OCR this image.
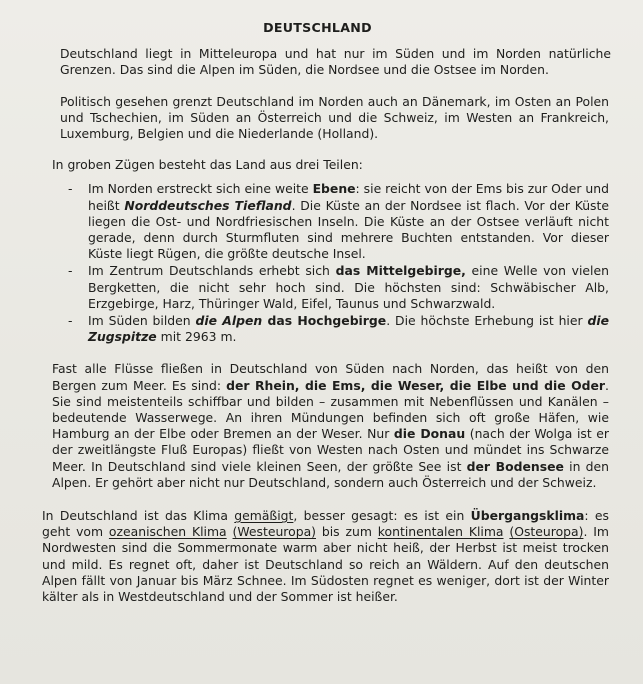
DEUTSCHLAND

Deutschland liegt in Mitteleuropa und hat nur im Süden und im Norden natürliche Grenzen. Das sind die Alpen im Süden, die Nordsee und die Ostsee im Norden.

Politisch gesehen grenzt Deutschland im Norden auch an Dänemark, im Osten an Polen und Tschechien, im Süden an Österreich und die Schweiz, im Westen an Frankreich, Luxemburg, Belgien und die Niederlande (Holland).

In groben Zügen besteht das Land aus drei Teilen:

- Im Norden erstreckt sich eine weite Ebene: sie reicht von der Ems bis zur Oder und heißt Norddeutsches Tiefland. Die Küste an der Nordsee ist flach. Vor der Küste liegen die Ost- und Nordfriesischen Inseln. Die Küste an der Ostsee verläuft nicht gerade, denn durch Sturmfluten sind mehrere Buchten entstanden. Vor dieser Küste liegt Rügen, die größte deutsche Insel.
- Im Zentrum Deutschlands erhebt sich das Mittelgebirge, eine Welle von vielen Bergketten, die nicht sehr hoch sind. Die höchsten sind: Schwäbischer Alb, Erzgebirge, Harz, Thüringer Wald, Eifel, Taunus und Schwarzwald.
- Im Süden bilden die Alpen das Hochgebirge. Die höchste Erhebung ist hier die Zugspitze mit 2963 m.

Fast alle Flüsse fließen in Deutschland von Süden nach Norden, das heißt von den Bergen zum Meer. Es sind: der Rhein, die Ems, die Weser, die Elbe und die Oder. Sie sind meistenteils schiffbar und bilden – zusammen mit Nebenflüssen und Kanälen – bedeutende Wasserwege. An ihren Mündungen befinden sich oft große Häfen, wie Hamburg an der Elbe oder Bremen an der Weser. Nur die Donau (nach der Wolga ist er der zweitlängste Fluß Europas) fließt von Westen nach Osten und mündet ins Schwarze Meer. In Deutschland sind viele kleinen Seen, der größte See ist der Bodensee in den Alpen. Er gehört aber nicht nur Deutschland, sondern auch Österreich und der Schweiz.

In Deutschland ist das Klima gemäßigt, besser gesagt: es ist ein Übergangsklima: es geht vom ozeanischen Klima (Westeuropa) bis zum kontinentalen Klima (Osteuropa). Im Nordwesten sind die Sommermonate warm aber nicht heiß, der Herbst ist meist trocken und mild. Es regnet oft, daher ist Deutschland so reich an Wäldern. Auf den deutschen Alpen fällt von Januar bis März Schnee. Im Südosten regnet es weniger, dort ist der Winter kälter als in Westdeutschland und der Sommer ist heißer.
